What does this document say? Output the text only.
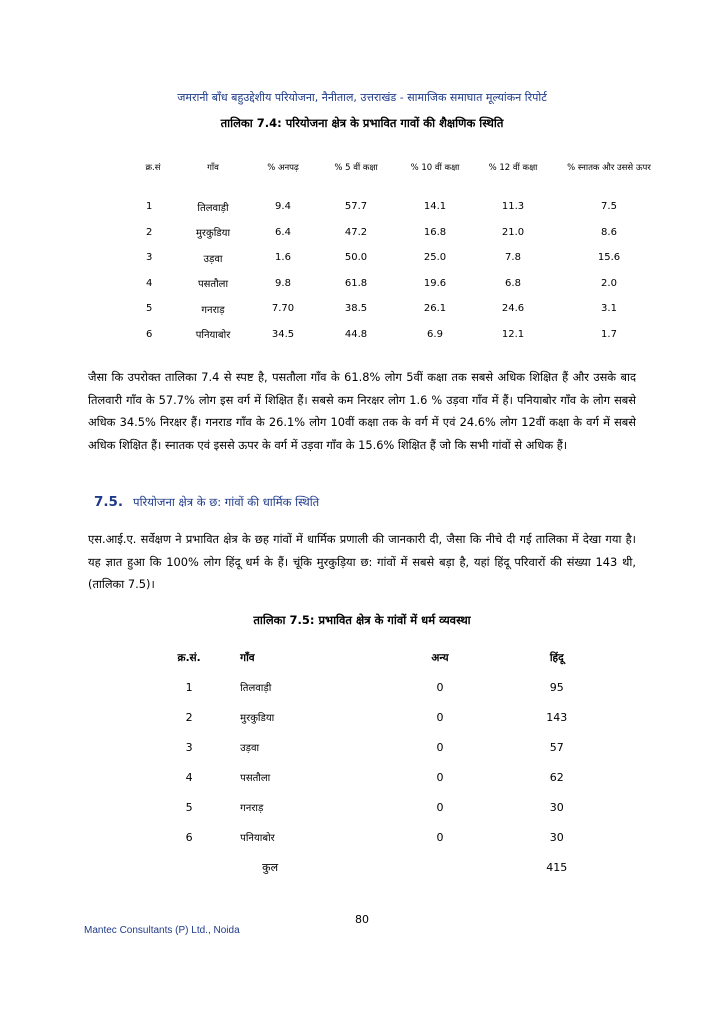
जमरानी बाँध बहुउद्देशीय परियोजना, नैनीताल, उत्तराखंड - सामाजिक समाघात मूल्यांकन रिपोर्ट
तालिका 7.4: परियोजना क्षेत्र के प्रभावित गावों की शैक्षणिक स्थिति
क्र.सं	गाँव	% अनपढ़	% 5 वीं कक्षा	% 10 वीं कक्षा	% 12 वीं कक्षा	% स्नातक और उससे ऊपर

1	तिलवाड़ी	9.4	57.7	14.1	11.3	7.5
2	मुरकुडिया	6.4	47.2	16.8	21.0	8.6
3	उड़वा	1.6	50.0	25.0	7.8	15.6
4	पसतौला	9.8	61.8	19.6	6.8	2.0
5	गनराड़	7.70	38.5	26.1	24.6	3.1
6	पनियाबोर	34.5	44.8	6.9	12.1	1.7

जैसा कि उपरोक्त तालिका 7.4 से स्पष्ट है, पसतौला गाँव के 61.8% लोग 5वीं कक्षा तक सबसे अधिक शिक्षित हैं और उसके बाद तिलवारी गाँव के 57.7% लोग इस वर्ग में शिक्षित हैं। सबसे कम निरक्षर लोग 1.6 % उड़वा गाँव में हैं। पनियाबोर गाँव के लोग सबसे अधिक 34.5% निरक्षर हैं। गनराड गाँव के 26.1% लोग 10वीं कक्षा तक के वर्ग में एवं 24.6% लोग 12वीं कक्षा के वर्ग में सबसे अधिक शिक्षित हैं। स्नातक एवं इससे ऊपर के वर्ग में उड़वा गाँव के 15.6% शिक्षित हैं जो कि सभी गांवों से अधिक हैं।

7.5. परियोजना क्षेत्र के छ: गांवों की धार्मिक स्थिति

एस.आई.ए. सर्वेक्षण ने प्रभावित क्षेत्र के छह गांवों में धार्मिक प्रणाली की जानकारी दी, जैसा कि नीचे दी गई तालिका में देखा गया है। यह ज्ञात हुआ कि 100% लोग हिंदू धर्म के हैं। चूंकि मुरकुड़िया छ: गांवों में सबसे बड़ा है, यहां हिंदू परिवारों की संख्या 143 थी, (तालिका 7.5)।

तालिका 7.5: प्रभावित क्षेत्र के गांवों में धर्म व्यवस्था
क्र.सं.	गाँव	अन्य	हिंदू
1	तिलवाड़ी	0	95
2	मुरकुडिया	0	143
3	उड़वा	0	57
4	पसतौला	0	62
5	गनराड़	0	30
6	पनियाबोर	0	30
	कुल		415
80
Mantec Consultants (P) Ltd., Noida
